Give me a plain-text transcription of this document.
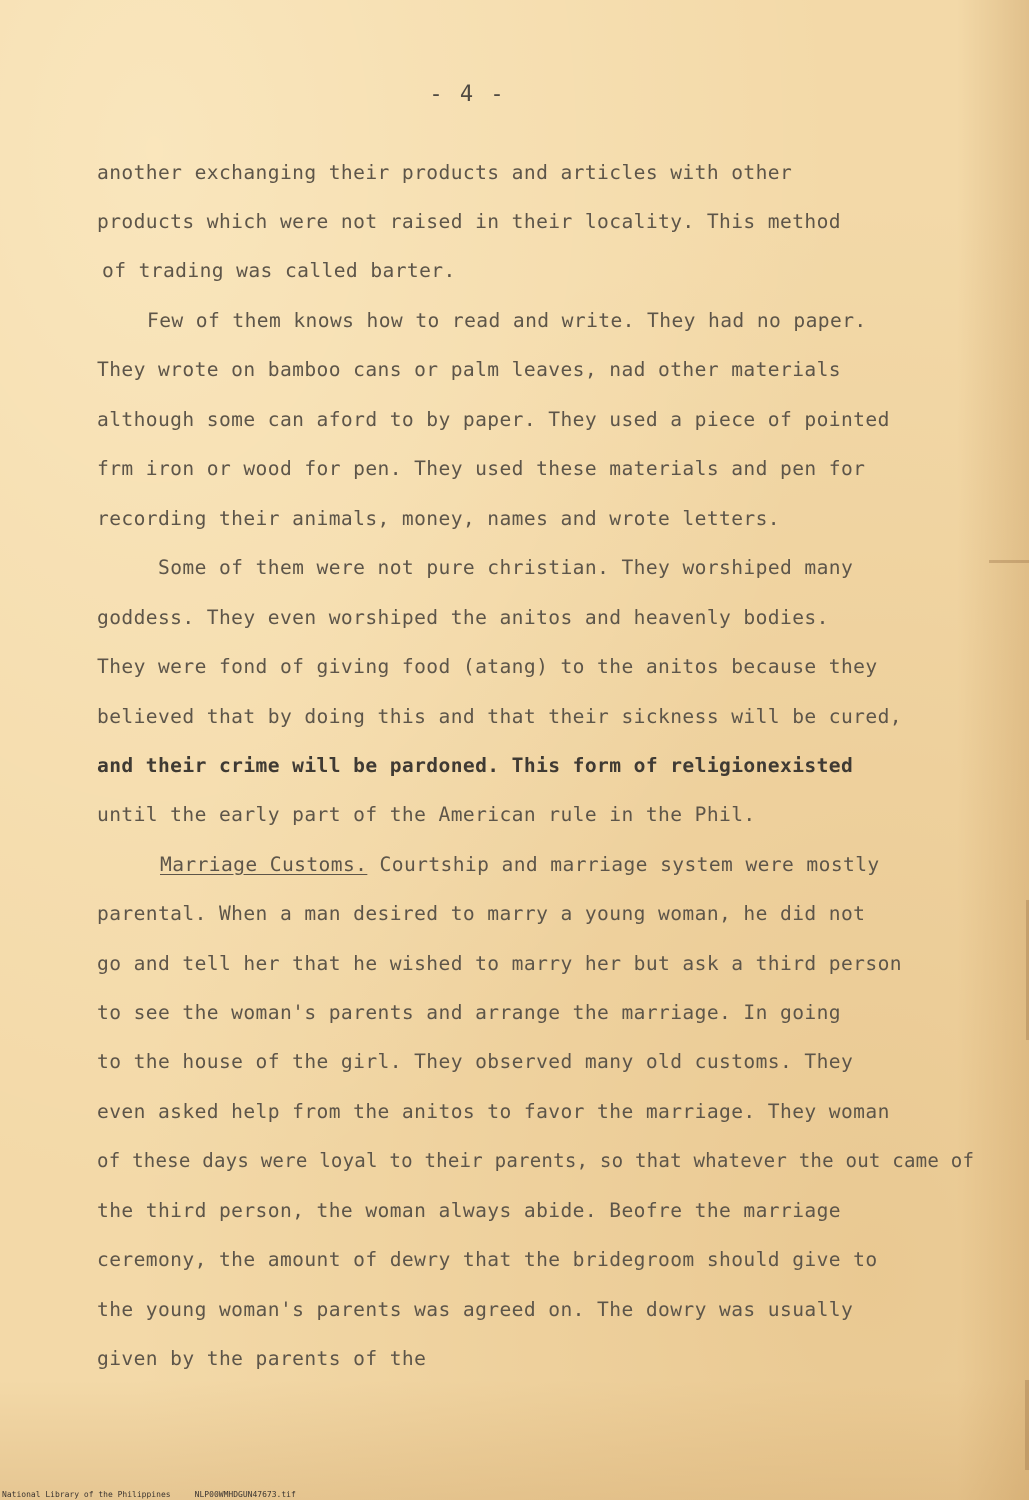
- 4 -
another exchanging their products and articles with other
products which were not raised in their locality. This method
of trading was called barter.
Few of them knows how to read and write. They had no paper.
They wrote on bamboo cans or palm leaves, nad other materials
although some can aford to by paper. They used a piece of pointed
frm iron or wood for pen. They used these materials and pen for
recording their animals, money, names and wrote letters.
Some of them were not pure christian. They worshiped many
goddess. They even worshiped the anitos and heavenly bodies.
They were fond of giving food (atang) to the anitos because they
believed that by doing this and that their sickness will be cured,
and their crime will be pardoned. This form of religionexisted
until the early part of the American rule in the Phil.
Marriage Customs. Courtship and marriage system were mostly
parental. When a man desired to marry a young woman, he did not
go and tell her that he wished to marry her but ask a third person
to see the woman's parents and arrange the marriage. In going
to the house of the girl. They observed many old customs. They
even asked help from the anitos to favor the marriage. They woman
of these days were loyal to their parents, so that whatever the out came of
the third person, the woman always abide. Beofre the marriage
ceremony, the amount of dewry that the bridegroom should give to
the young woman's parents was agreed on. The dowry was usually
given by the parents of the
National Library of the Philippines	NLP00WMHDGUN47673.tif
